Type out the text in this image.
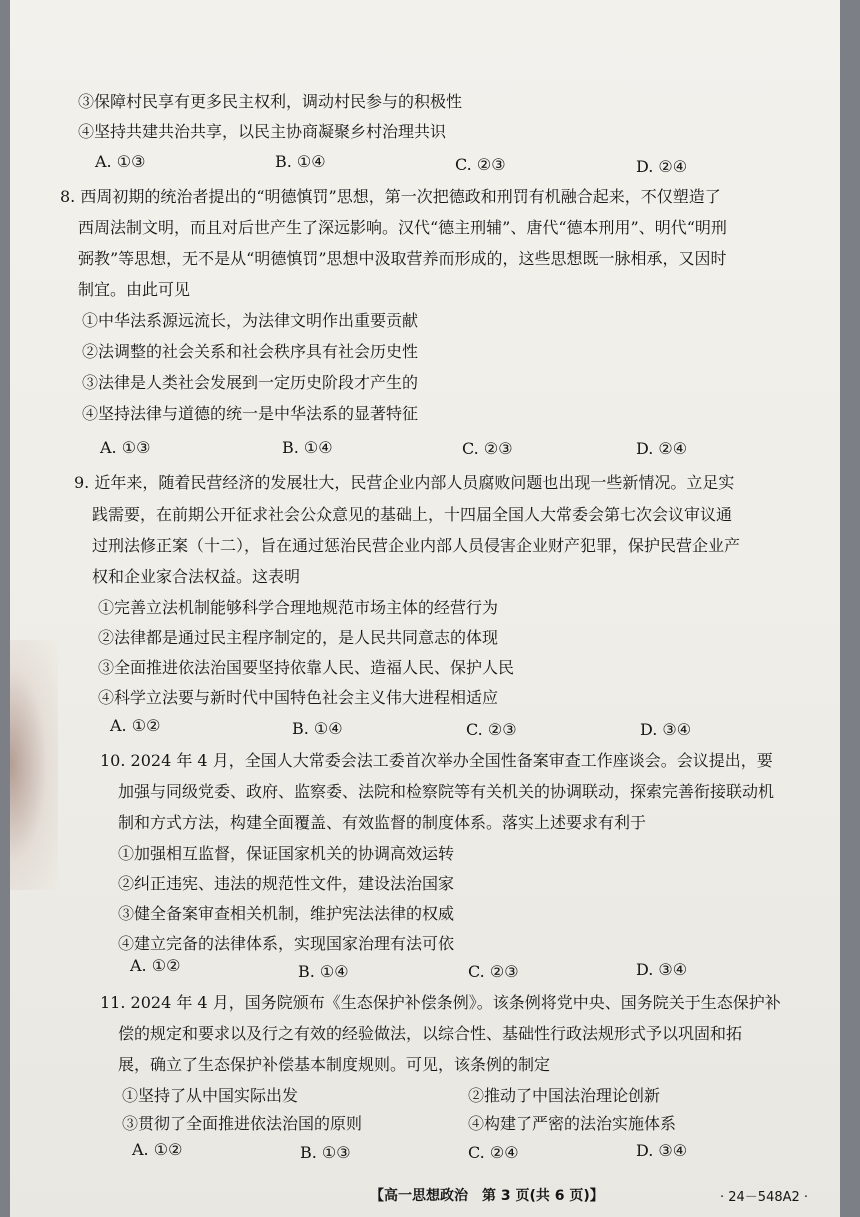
③保障村民享有更多民主权利，调动村民参与的积极性
④坚持共建共治共享，以民主协商凝聚乡村治理共识
A. ①③	B. ①④	C. ②③	D. ②④
8. 西周初期的统治者提出的“明德慎罚”思想，第一次把德政和刑罚有机融合起来，不仅塑造了
西周法制文明，而且对后世产生了深远影响。汉代“德主刑辅”、唐代“德本刑用”、明代“明刑
弼教”等思想，无不是从“明德慎罚”思想中汲取营养而形成的，这些思想既一脉相承，又因时
制宜。由此可见
①中华法系源远流长，为法律文明作出重要贡献
②法调整的社会关系和社会秩序具有社会历史性
③法律是人类社会发展到一定历史阶段才产生的
④坚持法律与道德的统一是中华法系的显著特征
A. ①③	B. ①④	C. ②③	D. ②④
9. 近年来，随着民营经济的发展壮大，民营企业内部人员腐败问题也出现一些新情况。立足实
践需要，在前期公开征求社会公众意见的基础上，十四届全国人大常委会第七次会议审议通
过刑法修正案（十二），旨在通过惩治民营企业内部人员侵害企业财产犯罪，保护民营企业产
权和企业家合法权益。这表明
①完善立法机制能够科学合理地规范市场主体的经营行为
②法律都是通过民主程序制定的，是人民共同意志的体现
③全面推进依法治国要坚持依靠人民、造福人民、保护人民
④科学立法要与新时代中国特色社会主义伟大进程相适应
A. ①②	B. ①④	C. ②③	D. ③④
10. 2024 年 4 月，全国人大常委会法工委首次举办全国性备案审查工作座谈会。会议提出，要
加强与同级党委、政府、监察委、法院和检察院等有关机关的协调联动，探索完善衔接联动机
制和方式方法，构建全面覆盖、有效监督的制度体系。落实上述要求有利于
①加强相互监督，保证国家机关的协调高效运转
②纠正违宪、违法的规范性文件，建设法治国家
③健全备案审查相关机制，维护宪法法律的权威
④建立完备的法律体系，实现国家治理有法可依
A. ①②	B. ①④	C. ②③	D. ③④
11. 2024 年 4 月，国务院颁布《生态保护补偿条例》。该条例将党中央、国务院关于生态保护补
偿的规定和要求以及行之有效的经验做法，以综合性、基础性行政法规形式予以巩固和拓
展，确立了生态保护补偿基本制度规则。可见，该条例的制定
①坚持了从中国实际出发	②推动了中国法治理论创新
③贯彻了全面推进依法治国的原则	④构建了严密的法治实施体系
A. ①②	B. ①③	C. ②④	D. ③④
【高一思想政治　第 3 页(共 6 页)】	· 24－548A2 ·
